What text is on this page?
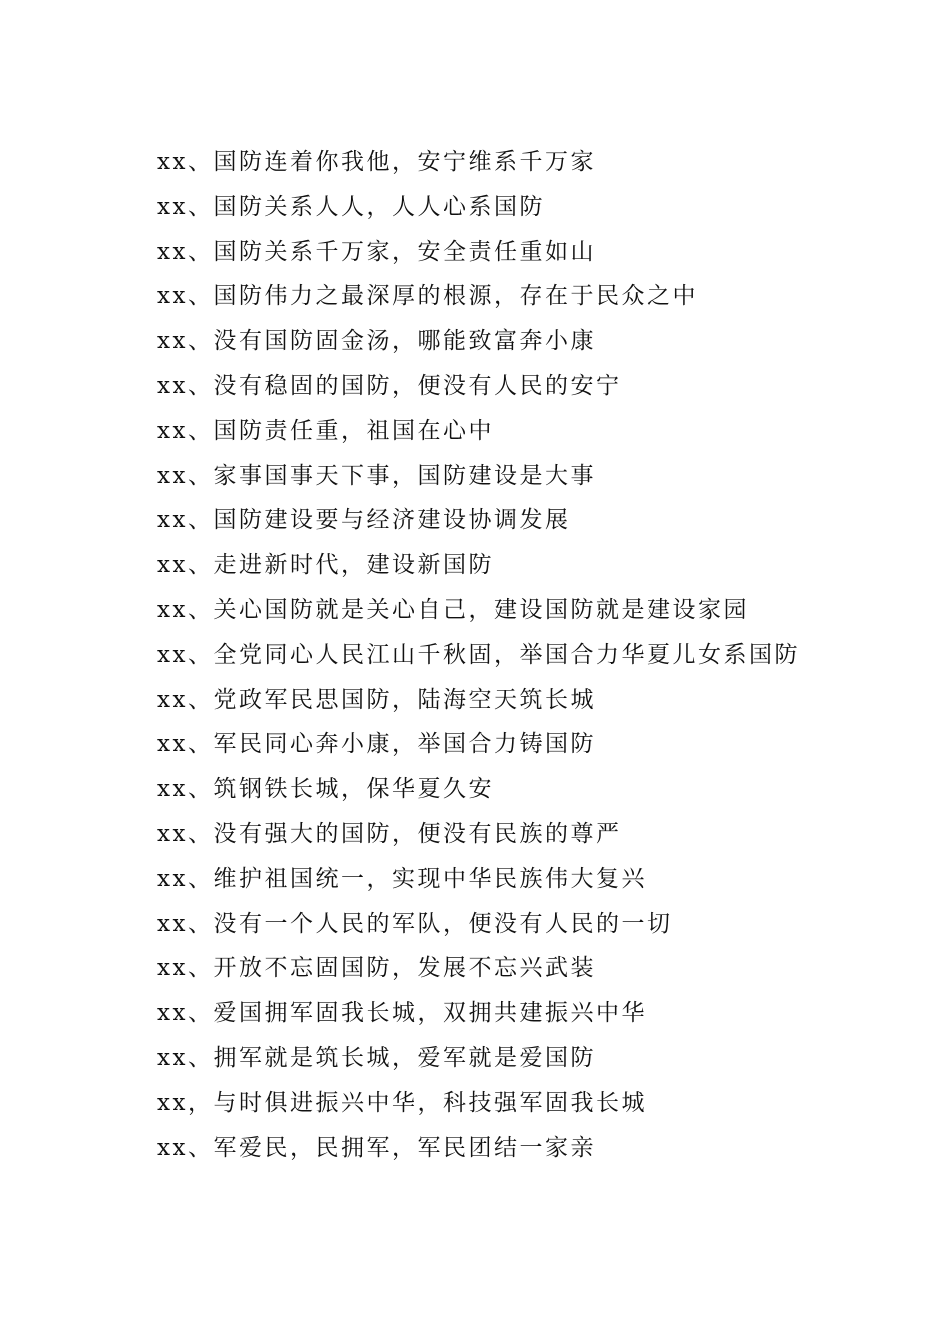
xx、国防连着你我他，安宁维系千万家
xx、国防关系人人，人人心系国防
xx、国防关系千万家，安全责任重如山
xx、国防伟力之最深厚的根源，存在于民众之中
xx、没有国防固金汤，哪能致富奔小康
xx、没有稳固的国防，便没有人民的安宁
xx、国防责任重，祖国在心中
xx、家事国事天下事，国防建设是大事
xx、国防建设要与经济建设协调发展
xx、走进新时代，建设新国防
xx、关心国防就是关心自己，建设国防就是建设家园
xx、全党同心人民江山千秋固，举国合力华夏儿女系国防
xx、党政军民思国防，陆海空天筑长城
xx、军民同心奔小康，举国合力铸国防
xx、筑钢铁长城，保华夏久安
xx、没有强大的国防，便没有民族的尊严
xx、维护祖国统一，实现中华民族伟大复兴
xx、没有一个人民的军队，便没有人民的一切
xx、开放不忘固国防，发展不忘兴武装
xx、爱国拥军固我长城，双拥共建振兴中华
xx、拥军就是筑长城，爱军就是爱国防
xx，与时俱进振兴中华，科技强军固我长城
xx、军爱民，民拥军，军民团结一家亲
